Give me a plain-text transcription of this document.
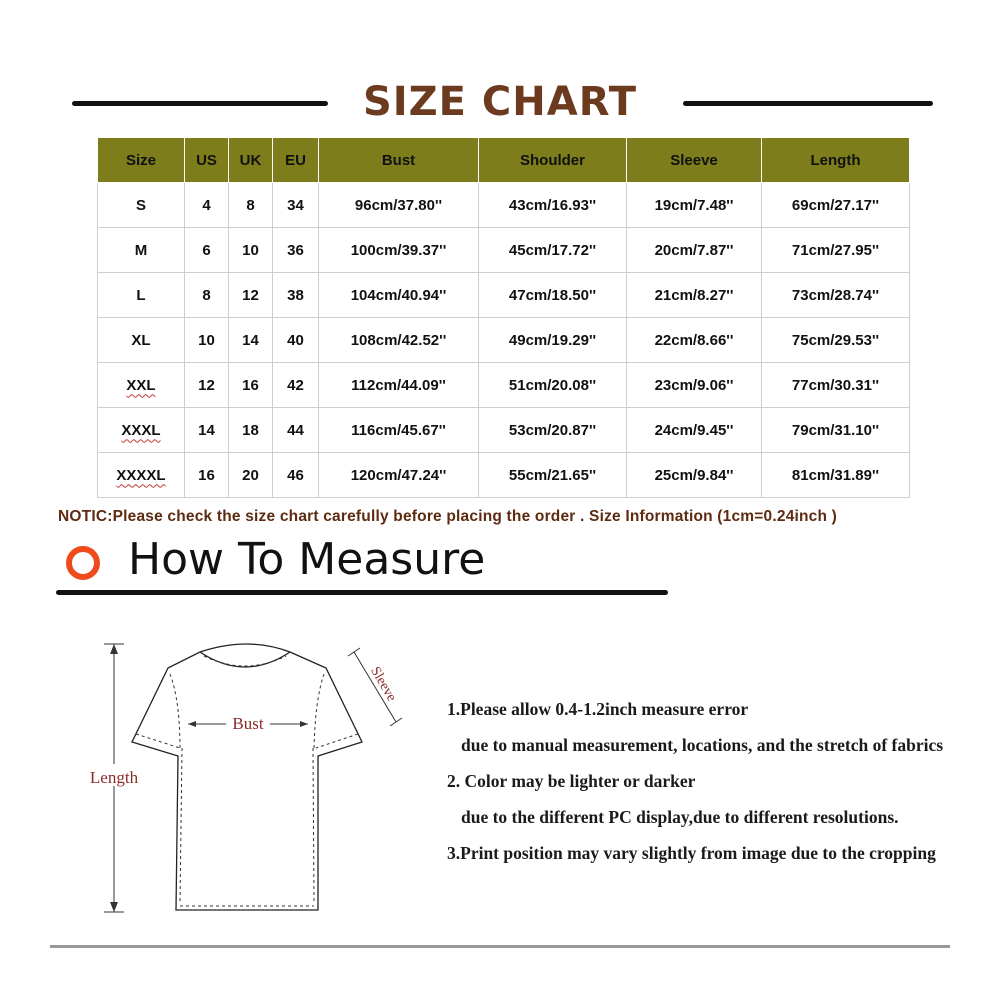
SIZE CHART
Size	US	UK	EU	Bust	Shoulder	Sleeve	Length
S	4	8	34	96cm/37.80''	43cm/16.93''	19cm/7.48''	69cm/27.17''
M	6	10	36	100cm/39.37''	45cm/17.72''	20cm/7.87''	71cm/27.95''
L	8	12	38	104cm/40.94''	47cm/18.50''	21cm/8.27''	73cm/28.74''
XL	10	14	40	108cm/42.52''	49cm/19.29''	22cm/8.66''	75cm/29.53''
XXL	12	16	42	112cm/44.09''	51cm/20.08''	23cm/9.06''	77cm/30.31''
XXXL	14	18	44	116cm/45.67''	53cm/20.87''	24cm/9.45''	79cm/31.10''
XXXXL	16	20	46	120cm/47.24''	55cm/21.65''	25cm/9.84''	81cm/31.89''
NOTIC:Please check the size chart carefully before placing the order . Size Information (1cm=0.24inch )
How To Measure
Length
Bust
Sleeve

1.Please allow 0.4-1.2inch measure error

due to manual measurement, locations, and the stretch of fabrics

2. Color may be lighter or darker

due to the different PC display,due to different resolutions.

3.Print position may vary slightly from image due to the cropping
